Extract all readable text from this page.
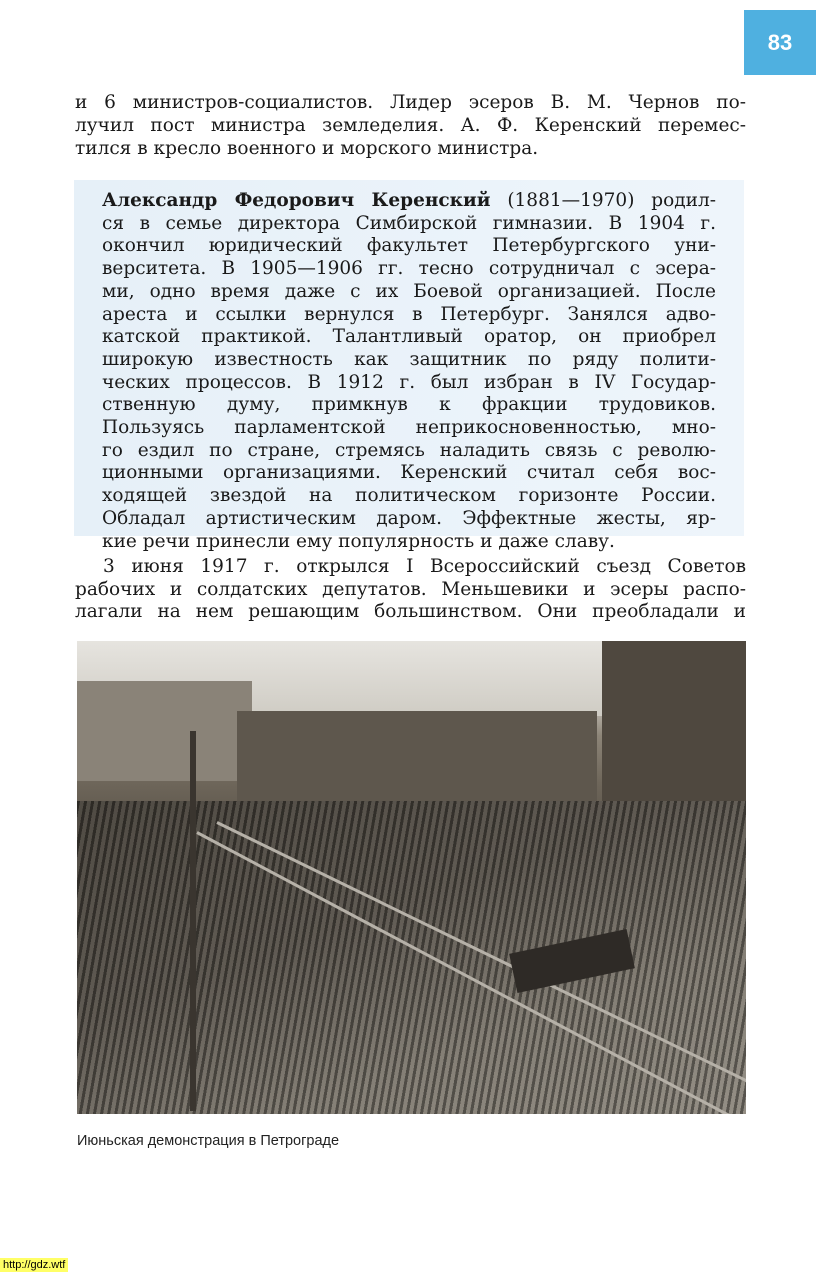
83
и 6 министров-социалистов. Лидер эсеров В. М. Чернов по-
лучил пост министра земледелия. А. Ф. Керенский перемес-
тился в кресло военного и морского министра.
Александр Федорович Керенский (1881—1970) родил-
ся в семье директора Симбирской гимназии. В 1904 г.
окончил юридический факультет Петербургского уни-
верситета. В 1905—1906 гг. тесно сотрудничал с эсера-
ми, одно время даже с их Боевой организацией. После
ареста и ссылки вернулся в Петербург. Занялся адво-
катской практикой. Талантливый оратор, он приобрел
широкую известность как защитник по ряду полити-
ческих процессов. В 1912 г. был избран в IV Государ-
ственную думу, примкнув к фракции трудовиков.
Пользуясь парламентской неприкосновенностью, мно-
го ездил по стране, стремясь наладить связь с револю-
ционными организациями. Керенский считал себя вос-
ходящей звездой на политическом горизонте России.
Обладал артистическим даром. Эффектные жесты, яр-
кие речи принесли ему популярность и даже славу.
3 июня 1917 г. открылся I Всероссийский съезд Советов
рабочих и солдатских депутатов. Меньшевики и эсеры распо-
лагали на нем решающим большинством. Они преобладали и
Июньская демонстрация в Петрограде
http://gdz.wtf
